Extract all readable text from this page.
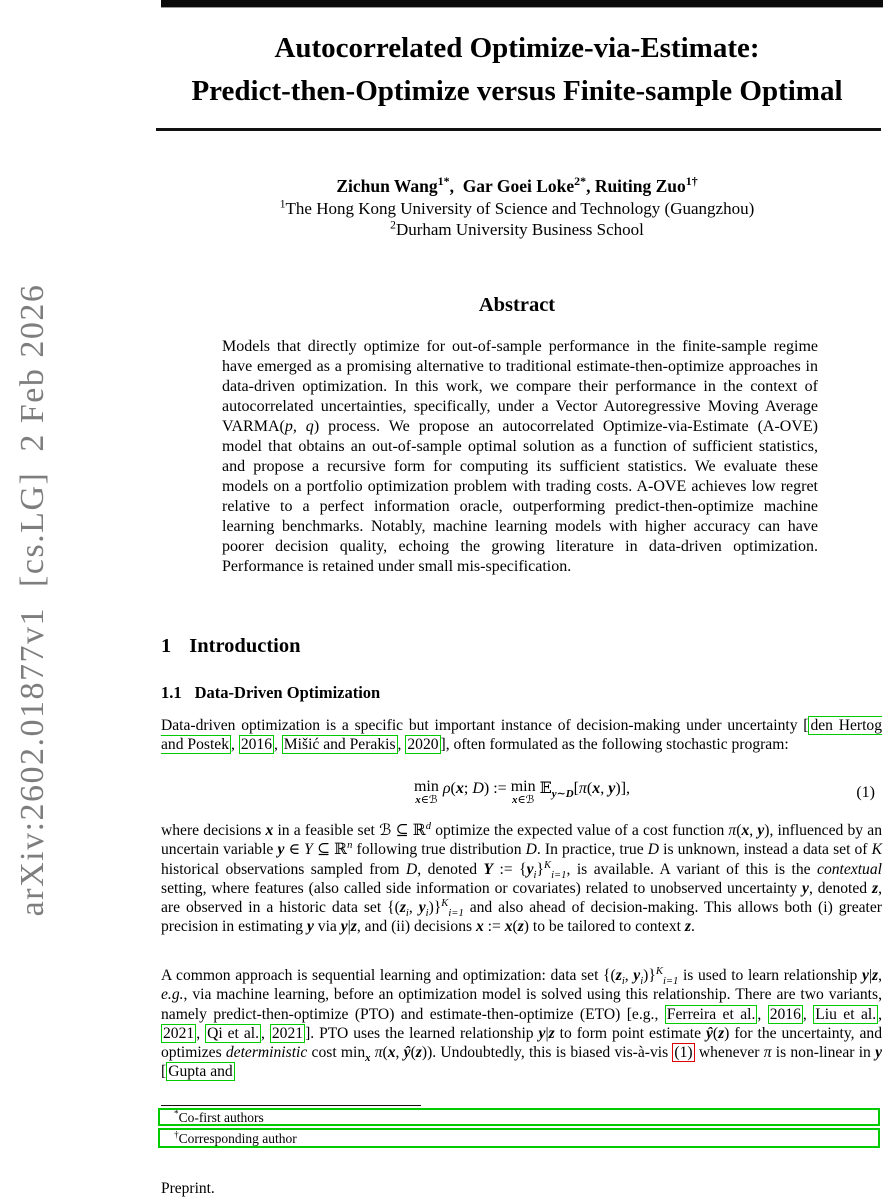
arXiv:2602.01877v1  [cs.LG]  2 Feb 2026
Autocorrelated Optimize-via-Estimate:
Predict-then-Optimize versus Finite-sample Optimal
Zichun Wang$^{1*}$,  Gar Goei Loke$^{2*}$, Ruiting Zuo$^{1\dagger}$
$^1$The Hong Kong University of Science and Technology (Guangzhou)
$^2$Durham University Business School
Abstract
Models that directly optimize for out-of-sample performance in the finite-sample regime have emerged as a promising alternative to traditional estimate-then-optimize approaches in data-driven optimization. In this work, we compare their performance in the context of autocorrelated uncertainties, specifically, under a Vector Autoregressive Moving Average VARMA(p, q) process. We propose an autocorrelated Optimize-via-Estimate (A-OVE) model that obtains an out-of-sample optimal solution as a function of sufficient statistics, and propose a recursive form for computing its sufficient statistics. We evaluate these models on a portfolio optimization problem with trading costs. A-OVE achieves low regret relative to a perfect information oracle, outperforming predict-then-optimize machine learning benchmarks. Notably, machine learning models with higher accuracy can have poorer decision quality, echoing the growing literature in data-driven optimization. Performance is retained under small mis-specification.
1 Introduction
1.1 Data-Driven Optimization
Data-driven optimization is a specific but important instance of decision-making under uncertainty [ den Hertog and Postek , 2016 , Mišić and Perakis , 2020 ], often formulated as the following stochastic program:
min
x∈ℬ
ρ(x; D) := min
x∈ℬ
𝔼$_{y\sim D}$[π(x, y)],	(1)
where decisions x in a feasible set ℬ ⊆ ℝ$^d$ optimize the expected value of a cost function π(x, y), influenced by an uncertain variable y ∈ Y ⊆ ℝ$^n$ following true distribution D. In practice, true D is unknown, instead a data set of K historical observations sampled from D, denoted Y := $\{y_i\}^K_{i=1}$, is available. A variant of this is the contextual setting, where features (also called side information or covariates) related to unobserved uncertainty y, denoted z, are observed in a historic data set {($z_i$, $y_i)\}^K_{i=1}$ and also ahead of decision-making. This allows both (i) greater precision in estimating y via y|z, and (ii) decisions x := x(z) to be tailored to context z.
A common approach is sequential learning and optimization: data set {($z_i$, $y_i)\}^K_{i=1}$ is used to learn relationship y|z, e.g., via machine learning, before an optimization model is solved using this relationship. There are two variants, namely predict-then-optimize (PTO) and estimate-then-optimize (ETO) [e.g., Ferreira et al. , 2016 , Liu et al. , 2021 , Qi et al. , 2021 ]. PTO uses the learned relationship y|z to form point estimate ŷ(z) for the uncertainty, and optimizes deterministic cost $\min_x \pi(x$, ŷ(z)). Undoubtedly, this is biased vis-à-vis (1) whenever π is non-linear in y [ Gupta and
*Co-first authors
†Corresponding author
Preprint.
